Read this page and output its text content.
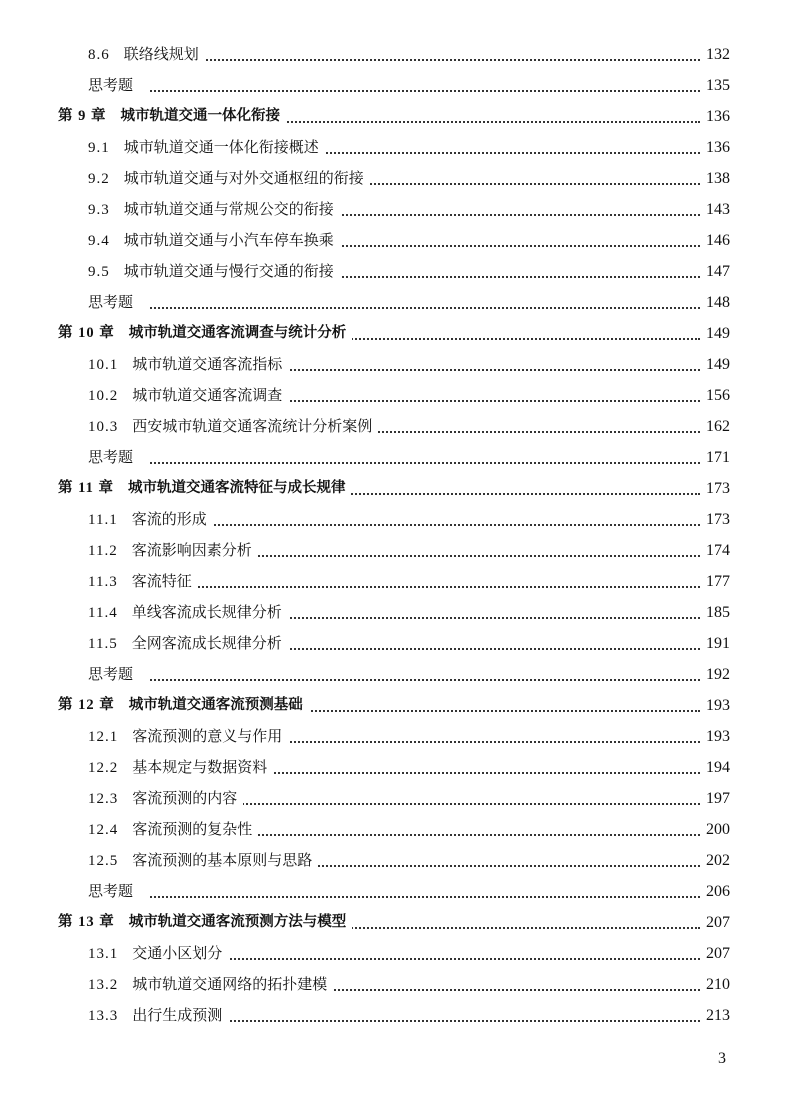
8.6 联络线规划	132
思考题	135
第 9 章 城市轨道交通一体化衔接	136
9.1 城市轨道交通一体化衔接概述	136
9.2 城市轨道交通与对外交通枢纽的衔接	138
9.3 城市轨道交通与常规公交的衔接	143
9.4 城市轨道交通与小汽车停车换乘	146
9.5 城市轨道交通与慢行交通的衔接	147
思考题	148
第 10 章 城市轨道交通客流调查与统计分析	149
10.1 城市轨道交通客流指标	149
10.2 城市轨道交通客流调查	156
10.3 西安城市轨道交通客流统计分析案例	162
思考题	171
第 11 章 城市轨道交通客流特征与成长规律	173
11.1 客流的形成	173
11.2 客流影响因素分析	174
11.3 客流特征	177
11.4 单线客流成长规律分析	185
11.5 全网客流成长规律分析	191
思考题	192
第 12 章 城市轨道交通客流预测基础	193
12.1 客流预测的意义与作用	193
12.2 基本规定与数据资料	194
12.3 客流预测的内容	197
12.4 客流预测的复杂性	200
12.5 客流预测的基本原则与思路	202
思考题	206
第 13 章 城市轨道交通客流预测方法与模型	207
13.1 交通小区划分	207
13.2 城市轨道交通网络的拓扑建模	210
13.3 出行生成预测	213
3
